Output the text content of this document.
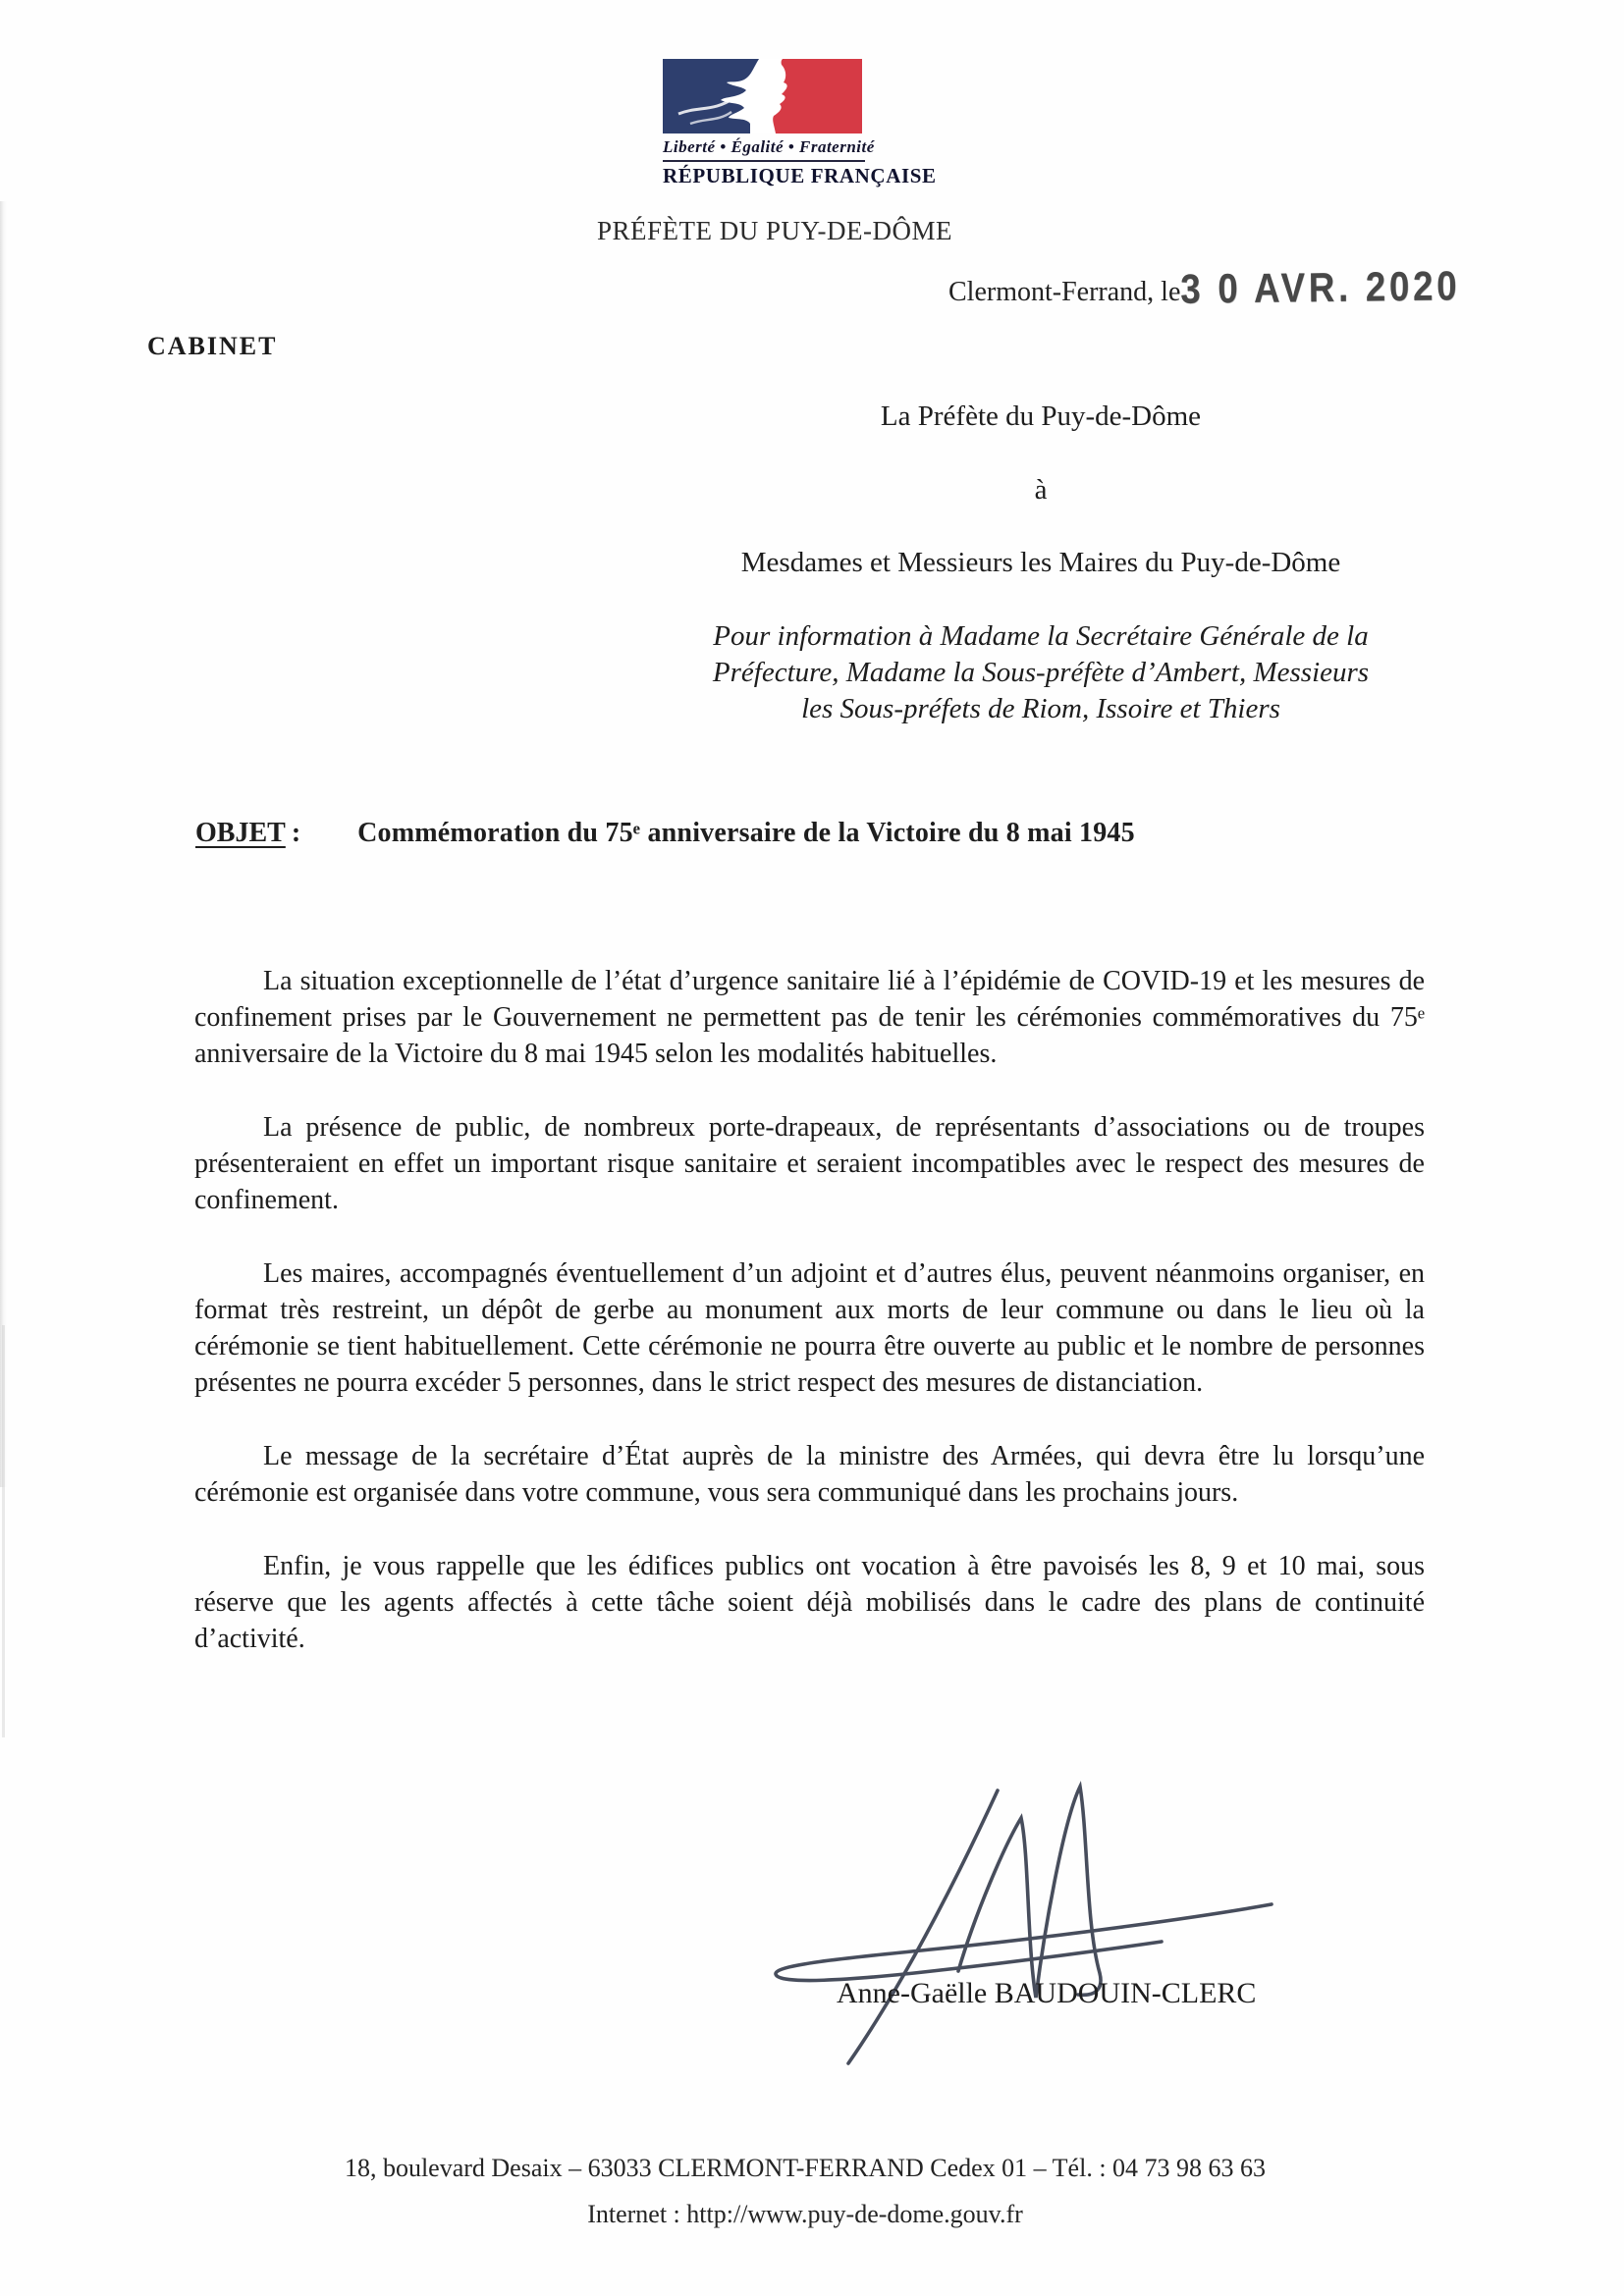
Liberté • Égalité • Fraternité
RÉPUBLIQUE FRANÇAISE
PRÉFÈTE DU PUY-DE-DÔME
Clermont-Ferrand, le 3 0 AVR. 2020
CABINET
La Préfète du Puy-de-Dôme
à
Mesdames et Messieurs les Maires du Puy-de-Dôme
Pour information à Madame la Secrétaire Générale de la
Préfecture, Madame la Sous-préfète d’Ambert, Messieurs
les Sous-préfets de Riom, Issoire et Thiers
OBJET : Commémoration du 75ᵉ anniversaire de la Victoire du 8 mai 1945

La situation exceptionnelle de l’état d’urgence sanitaire lié à l’épidémie de COVID-19 et les mesures de confinement prises par le Gouvernement ne permettent pas de tenir les cérémonies commémoratives du 75ᵉ anniversaire de la Victoire du 8 mai 1945 selon les modalités habituelles.

La présence de public, de nombreux porte-drapeaux, de représentants d’associations ou de troupes présenteraient en effet un important risque sanitaire et seraient incompatibles avec le respect des mesures de confinement.

Les maires, accompagnés éventuellement d’un adjoint et d’autres élus, peuvent néanmoins organiser, en format très restreint, un dépôt de gerbe au monument aux morts de leur commune ou dans le lieu où la cérémonie se tient habituellement. Cette cérémonie ne pourra être ouverte au public et le nombre de personnes présentes ne pourra excéder 5 personnes, dans le strict respect des mesures de distanciation.

Le message de la secrétaire d’État auprès de la ministre des Armées, qui devra être lu lorsqu’une cérémonie est organisée dans votre commune, vous sera communiqué dans les prochains jours.

Enfin, je vous rappelle que les édifices publics ont vocation à être pavoisés les 8, 9 et 10 mai, sous réserve que les agents affectés à cette tâche soient déjà mobilisés dans le cadre des plans de continuité d’activité.

Anne-Gaëlle BAUDOUIN-CLERC
18, boulevard Desaix – 63033 CLERMONT-FERRAND Cedex 01 – Tél. : 04 73 98 63 63
Internet : http://www.puy-de-dome.gouv.fr
